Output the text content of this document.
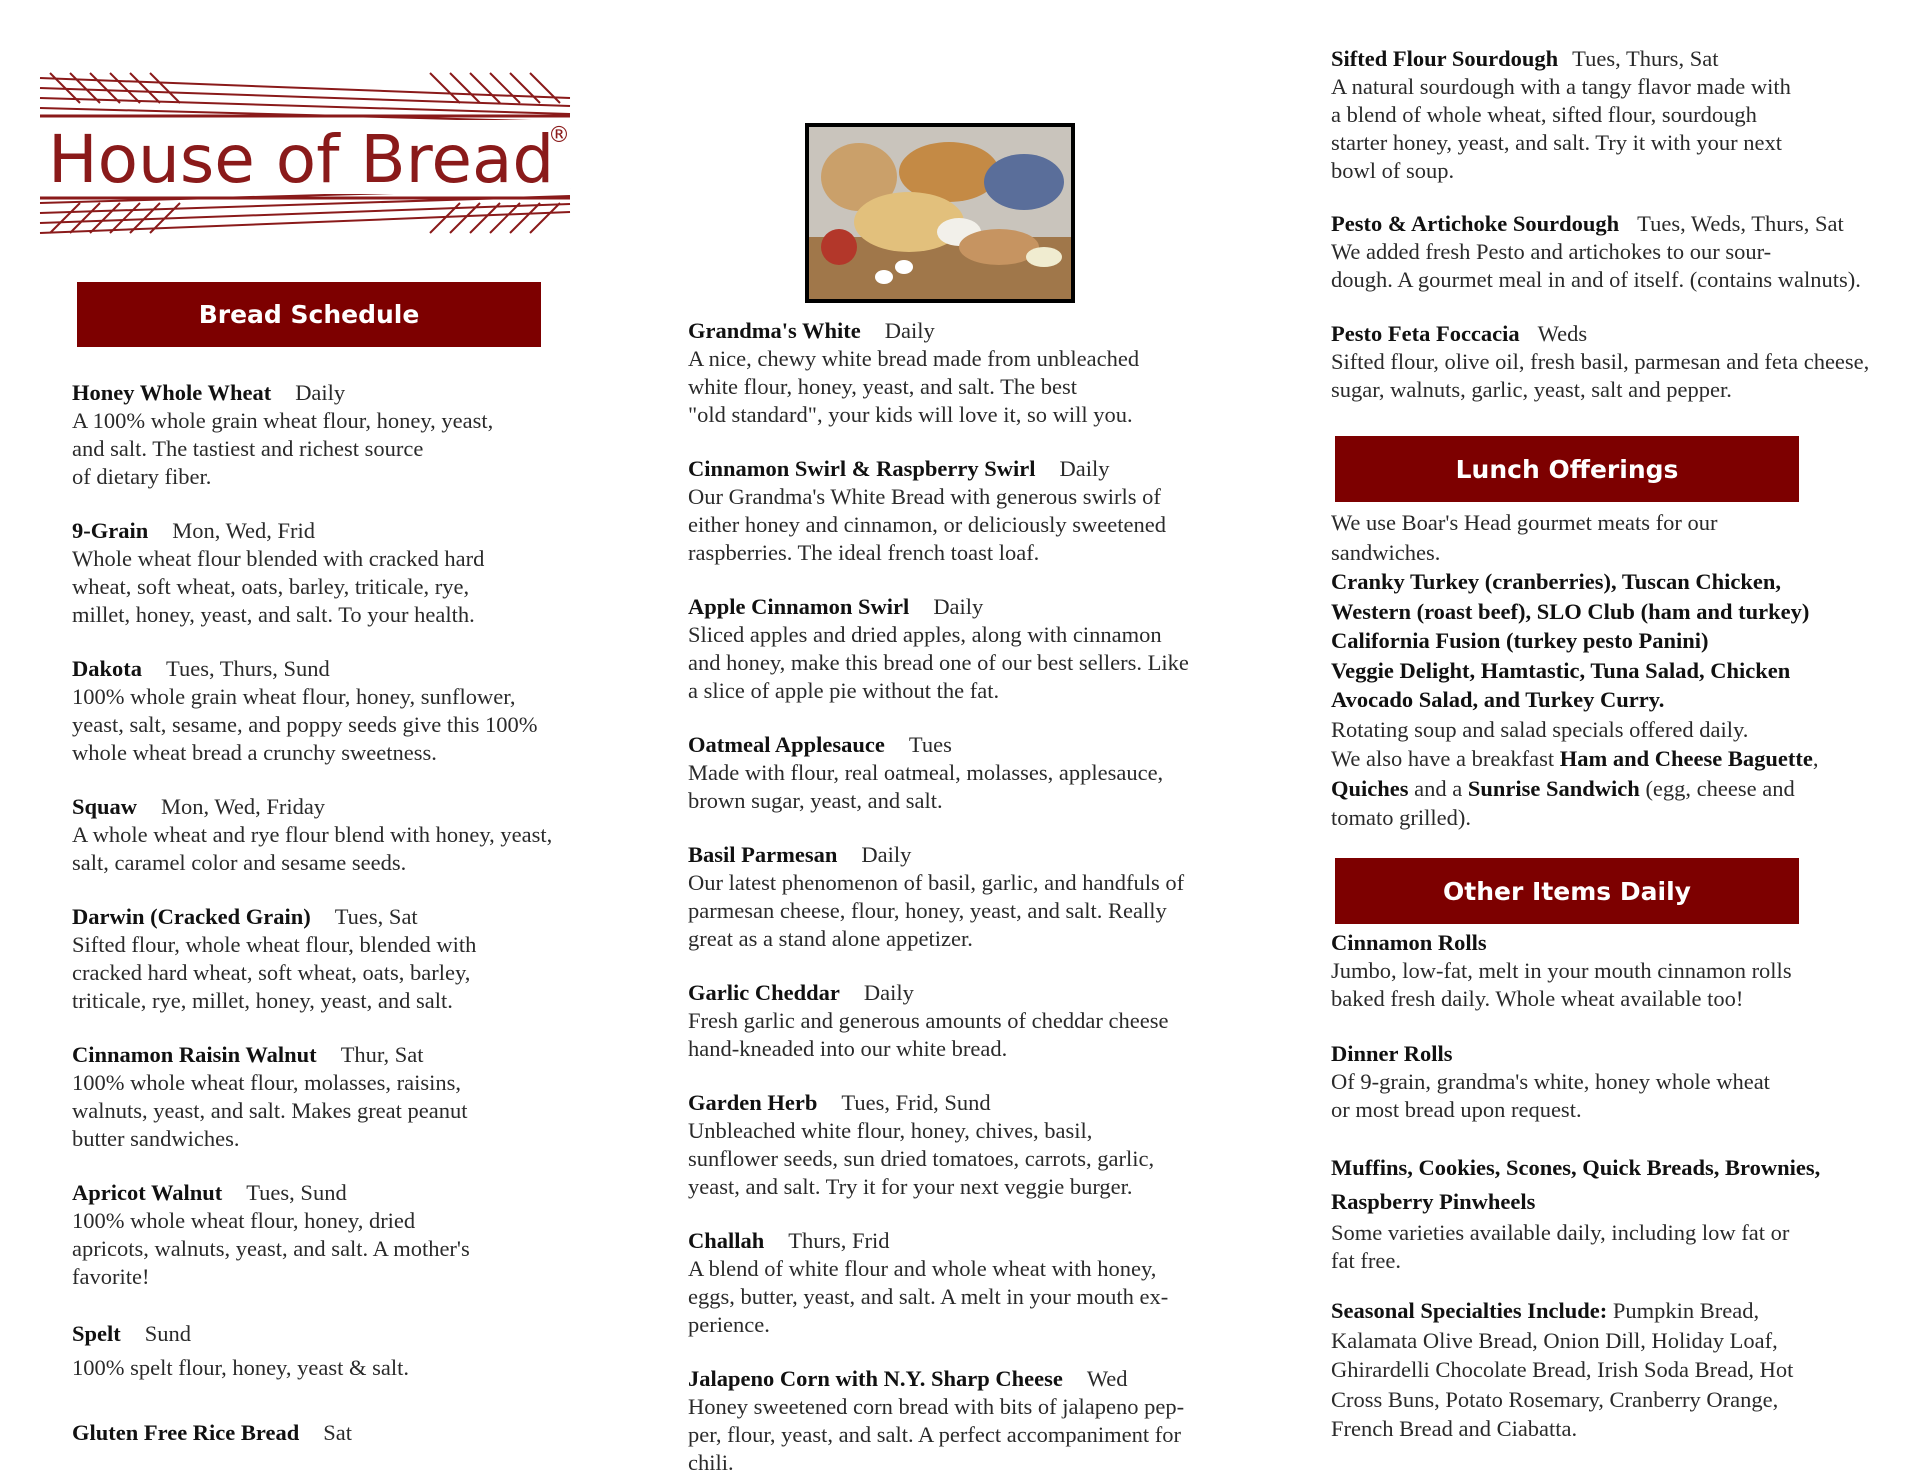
House of Bread
®
Bread Schedule
Lunch Offerings
Other Items Daily
Honey Whole Wheat Daily
A 100% whole grain wheat flour, honey, yeast,
and salt. The tastiest and richest source
of dietary fiber.
9-Grain Mon, Wed, Frid
Whole wheat flour blended with cracked hard
wheat, soft wheat, oats, barley, triticale, rye,
millet, honey, yeast, and salt. To your health.
Dakota Tues, Thurs, Sund
100% whole grain wheat flour, honey, sunflower,
yeast, salt, sesame, and poppy seeds give this 100%
whole wheat bread a crunchy sweetness.
Squaw Mon, Wed, Friday
A whole wheat and rye flour blend with honey, yeast,
salt, caramel color and sesame seeds.
Darwin (Cracked Grain) Tues, Sat
Sifted flour, whole wheat flour, blended with
cracked hard wheat, soft wheat, oats, barley,
triticale, rye, millet, honey, yeast, and salt.
Cinnamon Raisin Walnut Thur, Sat
100% whole wheat flour, molasses, raisins,
walnuts, yeast, and salt. Makes great peanut
butter sandwiches.
Apricot Walnut Tues, Sund
100% whole wheat flour, honey, dried
apricots, walnuts, yeast, and salt. A mother's
favorite!
Spelt Sund
100% spelt flour, honey, yeast & salt.
Gluten Free Rice Bread Sat
Grandma's White Daily
A nice, chewy white bread made from unbleached
white flour, honey, yeast, and salt. The best
"old standard", your kids will love it, so will you.
Cinnamon Swirl & Raspberry Swirl Daily
Our Grandma's White Bread with generous swirls of
either honey and cinnamon, or deliciously sweetened
raspberries. The ideal french toast loaf.
Apple Cinnamon Swirl Daily
Sliced apples and dried apples, along with cinnamon
and honey, make this bread one of our best sellers. Like
a slice of apple pie without the fat.
Oatmeal Applesauce Tues
Made with flour, real oatmeal, molasses, applesauce,
brown sugar, yeast, and salt.
Basil Parmesan Daily
Our latest phenomenon of basil, garlic, and handfuls of
parmesan cheese, flour, honey, yeast, and salt. Really
great as a stand alone appetizer.
Garlic Cheddar Daily
Fresh garlic and generous amounts of cheddar cheese
hand-kneaded into our white bread.
Garden Herb Tues, Frid, Sund
Unbleached white flour, honey, chives, basil,
sunflower seeds, sun dried tomatoes, carrots, garlic,
yeast, and salt. Try it for your next veggie burger.
Challah Thurs, Frid
A blend of white flour and whole wheat with honey,
eggs, butter, yeast, and salt. A melt in your mouth ex-
perience.
Jalapeno Corn with N.Y. Sharp Cheese Wed
Honey sweetened corn bread with bits of jalapeno pep-
per, flour, yeast, and salt. A perfect accompaniment for
chili.
Sifted Flour Sourdough Tues, Thurs, Sat
A natural sourdough with a tangy flavor made with
a blend of whole wheat, sifted flour, sourdough
starter honey, yeast, and salt. Try it with your next
bowl of soup.
Pesto & Artichoke Sourdough Tues, Weds, Thurs, Sat
We added fresh Pesto and artichokes to our sour-
dough. A gourmet meal in and of itself. (contains walnuts).
Pesto Feta Foccacia Weds
Sifted flour, olive oil, fresh basil, parmesan and feta cheese,
sugar, walnuts, garlic, yeast, salt and pepper.
We use Boar's Head gourmet meats for our
sandwiches.
Cranky Turkey (cranberries), Tuscan Chicken,
Western (roast beef), SLO Club (ham and turkey)
California Fusion (turkey pesto Panini)
Veggie Delight, Hamtastic, Tuna Salad, Chicken
Avocado Salad, and Turkey Curry.
Rotating soup and salad specials offered daily.
We also have a breakfast Ham and Cheese Baguette,
Quiches and a Sunrise Sandwich (egg, cheese and
tomato grilled).
Cinnamon Rolls
Jumbo, low-fat, melt in your mouth cinnamon rolls
baked fresh daily. Whole wheat available too!
Dinner Rolls
Of 9-grain, grandma's white, honey whole wheat
or most bread upon request.
Muffins, Cookies, Scones, Quick Breads, Brownies,
Raspberry Pinwheels
Some varieties available daily, including low fat or
fat free.
Seasonal Specialties Include: Pumpkin Bread,
Kalamata Olive Bread, Onion Dill, Holiday Loaf,
Ghirardelli Chocolate Bread, Irish Soda Bread, Hot
Cross Buns, Potato Rosemary, Cranberry Orange,
French Bread and Ciabatta.
